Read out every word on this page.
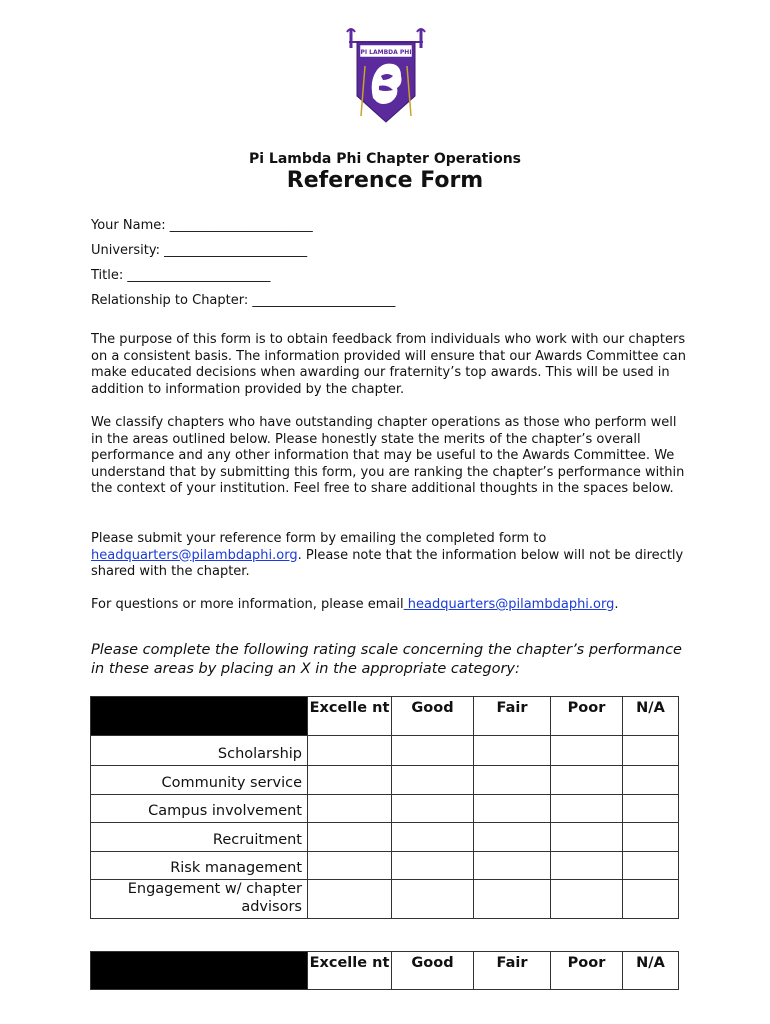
PI LAMBDA PHI
Pi Lambda Phi Chapter Operations
Reference Form
Your Name: ______________________
University: ______________________
Title: ______________________
Relationship to Chapter: ______________________

The purpose of this form is to obtain feedback from individuals who work with our chapters on a consistent basis. The information provided will ensure that our Awards Committee can make educated decisions when awarding our fraternity’s top awards. This will be used in addition to information provided by the chapter.

We classify chapters who have outstanding chapter operations as those who perform well in the areas outlined below. Please honestly state the merits of the chapter’s overall performance and any other information that may be useful to the Awards Committee. We understand that by submitting this form, you are ranking the chapter’s performance within the context of your institution. Feel free to share additional thoughts in the spaces below.

Please submit your reference form by emailing the completed form to headquarters@pilambdaphi.org. Please note that the information below will not be directly shared with the chapter.

For questions or more information, please email headquarters@pilambdaphi.org.

Please complete the following rating scale concerning the chapter’s performance in these areas by placing an X in the appropriate category:

	Excelle nt	Good	Fair	Poor	N/A
Scholarship					
Community service					
Campus involvement					
Recruitment					
Risk management					
Engagement w/ chapter advisors					
	Excelle nt	Good	Fair	Poor	N/A
